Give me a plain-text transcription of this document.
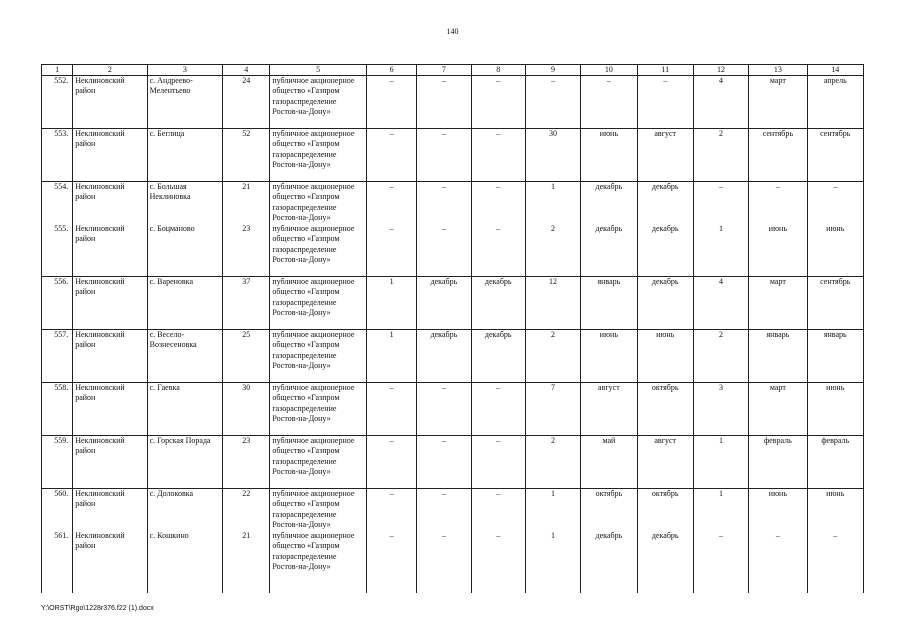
140
1	2	3	4	5	6	7	8	9	10	11	12	13	14
552.	Неклиновский район	с. Андреево-Мелентьево	24	публичное акционерное общество «Газпром газораспределение Ростов-на-Дону»	–	–	–	–	–	–	4	март	апрель
553.	Неклиновский район	с. Беглица	52	публичное акционерное общество «Газпром газораспределение Ростов-на-Дону»	–	–	–	30	июнь	август	2	сентябрь	сентябрь
554.	Неклиновский район	с. Большая Неклиновка	21	публичное акционерное общество «Газпром газораспределение Ростов-на-Дону»	–	–	–	1	декабрь	декабрь	–	–	–
555.	Неклиновский район	с. Боцманово	23	публичное акционерное общество «Газпром газораспределение Ростов-на-Дону»	–	–	–	2	декабрь	декабрь	1	июнь	июнь
556.	Неклиновский район	с. Вареновка	37	публичное акционерное общество «Газпром газораспределение Ростов-на-Дону»	1	декабрь	декабрь	12	январь	декабрь	4	март	сентябрь
557.	Неклиновский район	с. Весело-Вознесеновка	25	публичное акционерное общество «Газпром газораспределение Ростов-на-Дону»	1	декабрь	декабрь	2	июнь	июнь	2	январь	январь
558.	Неклиновский район	с. Гаевка	30	публичное акционерное общество «Газпром газораспределение Ростов-на-Дону»	–	–	–	7	август	октябрь	3	март	июнь
559.	Неклиновский район	с. Горская Порада	23	публичное акционерное общество «Газпром газораспределение Ростов-на-Дону»	–	–	–	2	май	август	1	февраль	февраль
560.	Неклиновский район	с. Долоковка	22	публичное акционерное общество «Газпром газораспределение Ростов-на-Дону»	–	–	–	1	октябрь	октябрь	1	июнь	июнь
561.	Неклиновский район	с. Кошкино	21	публичное акционерное общество «Газпром газораспределение Ростов-на-Дону»	–	–	–	1	декабрь	декабрь	–	–	–
Y:\ORST\Rgo\1228r376.f22 (1).docx
